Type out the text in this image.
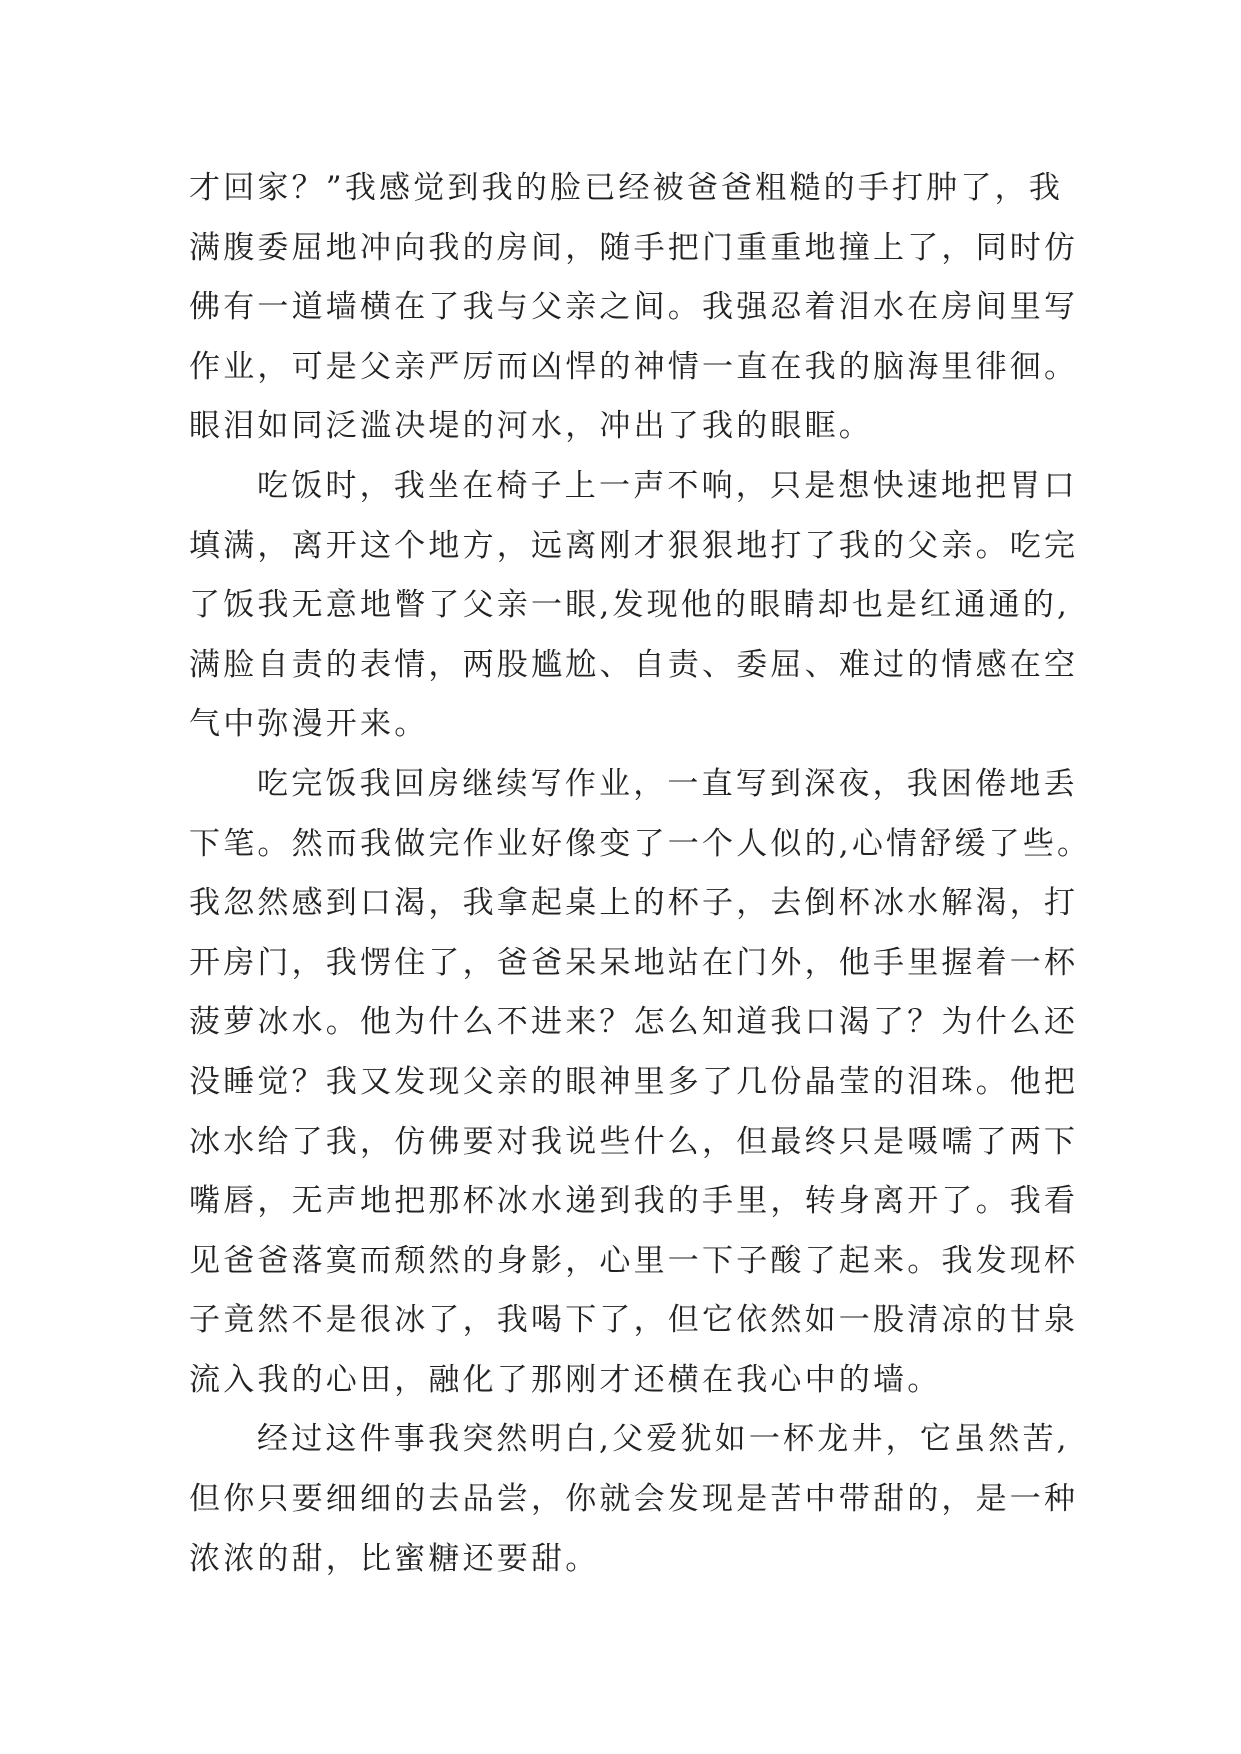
才回家？”我感觉到我的脸已经被爸爸粗糙的手打肿了，我
满腹委屈地冲向我的房间，随手把门重重地撞上了，同时仿
佛有一道墙横在了我与父亲之间。我强忍着泪水在房间里写
作业，可是父亲严厉而凶悍的神情一直在我的脑海里徘徊。
眼泪如同泛滥决堤的河水，冲出了我的眼眶。
吃饭时，我坐在椅子上一声不响，只是想快速地把胃口
填满，离开这个地方，远离刚才狠狠地打了我的父亲。吃完
了饭我无意地瞥了父亲一眼,发现他的眼睛却也是红通通的,
满脸自责的表情，两股尴尬、自责、委屈、难过的情感在空
气中弥漫开来。
吃完饭我回房继续写作业，一直写到深夜，我困倦地丢
下笔。然而我做完作业好像变了一个人似的,心情舒缓了些。
我忽然感到口渴，我拿起桌上的杯子，去倒杯冰水解渴，打
开房门，我愣住了，爸爸呆呆地站在门外，他手里握着一杯
菠萝冰水。他为什么不进来？怎么知道我口渴了？为什么还
没睡觉？我又发现父亲的眼神里多了几份晶莹的泪珠。他把
冰水给了我，仿佛要对我说些什么，但最终只是嗫嚅了两下
嘴唇，无声地把那杯冰水递到我的手里，转身离开了。我看
见爸爸落寞而颓然的身影，心里一下子酸了起来。我发现杯
子竟然不是很冰了，我喝下了，但它依然如一股清凉的甘泉
流入我的心田，融化了那刚才还横在我心中的墙。
经过这件事我突然明白,父爱犹如一杯龙井，它虽然苦,
但你只要细细的去品尝，你就会发现是苦中带甜的，是一种
浓浓的甜，比蜜糖还要甜。
